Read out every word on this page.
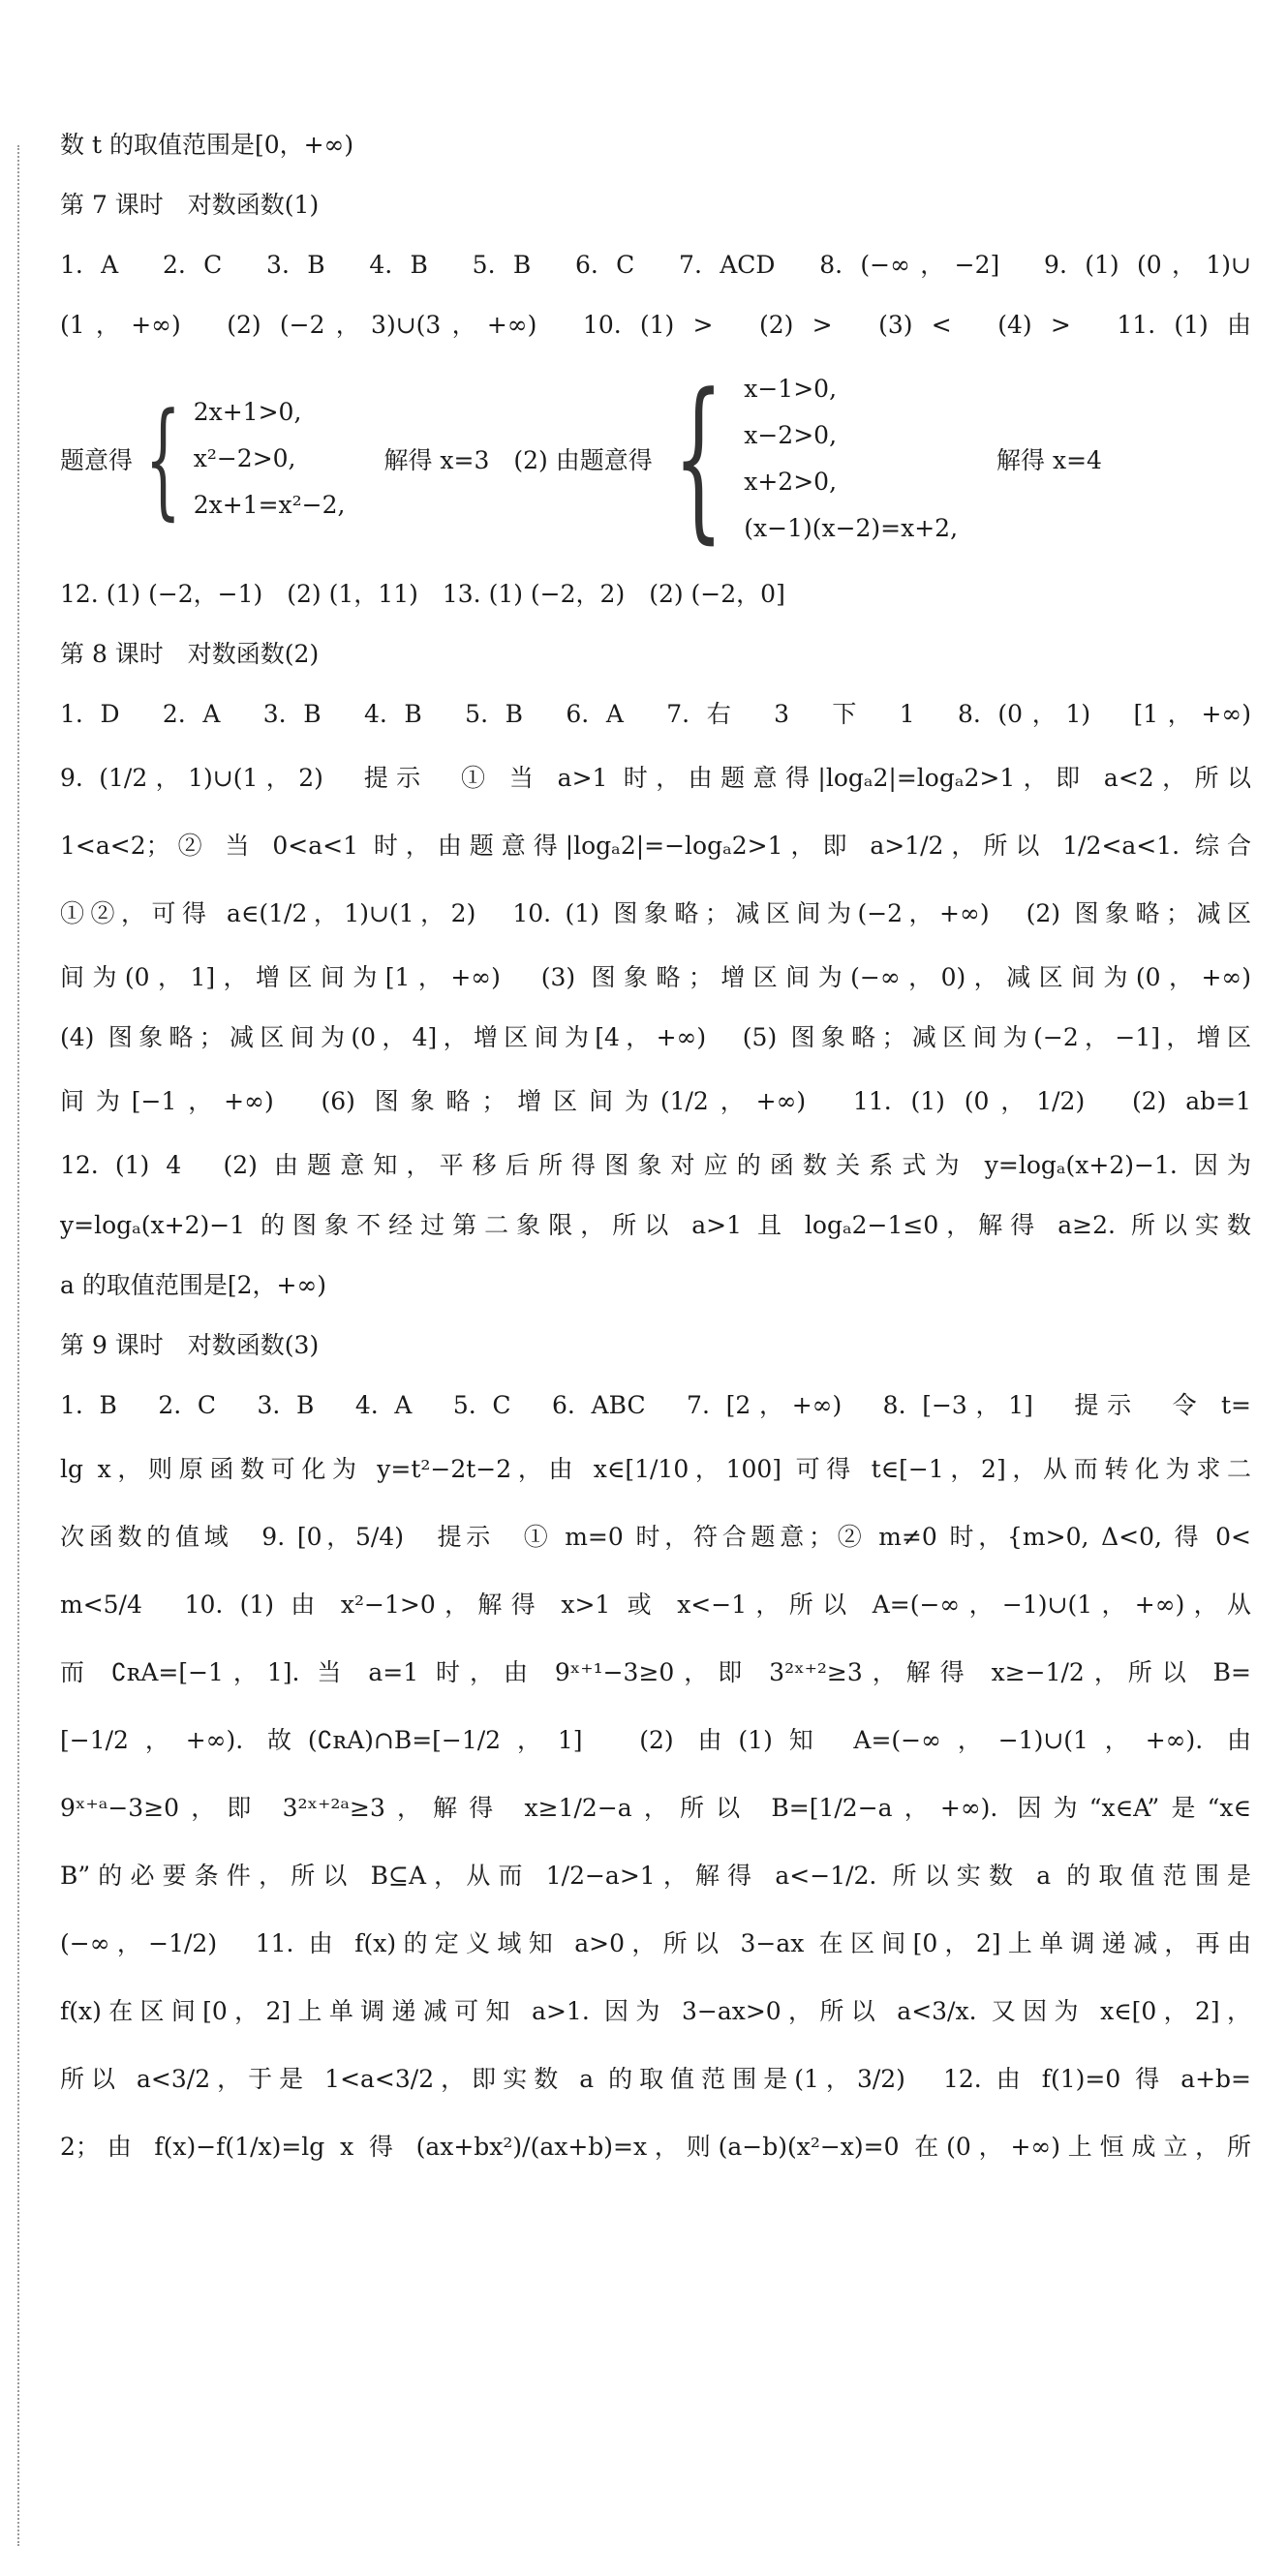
数 t 的取值范围是[0，+∞)
第 7 课时　对数函数(1)
1. A　2. C　3. B　4. B　5. B　6. C　7. ACD　8. (−∞，−2]　9. (1) (0，1)∪
(1，+∞)　(2) (−2，3)∪(3，+∞)　10. (1) >　(2) >　(3) <　(4) >　11. (1) 由
题意得 { 2x+1>0,
x²−2>0,
2x+1=x²−2,
解得 x=3　(2) 由题意得 { x−1>0,
x−2>0,
x+2>0,
(x−1)(x−2)=x+2,
解得 x=4
12. (1) (−2，−1)　(2) (1，11)　13. (1) (−2，2)　(2) (−2，0]
第 8 课时　对数函数(2)
1. D　2. A　3. B　4. B　5. B　6. A　7. 右　3　下　1　8. (0，1)　[1，+∞)
9. (1/2，1)∪(1，2)　提示　① 当 a>1 时，由题意得|logₐ2|=logₐ2>1，即 a<2，所以
1<a<2；② 当 0<a<1 时，由题意得|logₐ2|=−logₐ2>1，即 a>1/2，所以 1/2<a<1. 综合
①②，可得 a∈(1/2，1)∪(1，2)　10. (1) 图象略；减区间为(−2，+∞)　(2) 图象略；减区
间为(0，1]，增区间为[1，+∞)　(3) 图象略；增区间为(−∞，0)，减区间为(0，+∞)
(4) 图象略；减区间为(0，4]，增区间为[4，+∞)　(5) 图象略；减区间为(−2，−1]，增区
间为[−1，+∞)　(6) 图象略；增区间为(1/2，+∞)　11. (1) (0，1/2)　(2) ab=1
12. (1) 4　(2) 由题意知，平移后所得图象对应的函数关系式为 y=logₐ(x+2)−1. 因为
y=logₐ(x+2)−1 的图象不经过第二象限，所以 a>1 且 logₐ2−1≤0，解得 a≥2. 所以实数
a 的取值范围是[2，+∞)
第 9 课时　对数函数(3)
1. B　2. C　3. B　4. A　5. C　6. ABC　7. [2，+∞)　8. [−3，1]　提示　令 t=
lg x，则原函数可化为 y=t²−2t−2，由 x∈[1/10，100] 可得 t∈[−1，2]，从而转化为求二
次函数的值域　9. [0，5/4)　提示　① m=0 时，符合题意；② m≠0 时，{m>0, Δ<0, 得 0<
m<5/4　10. (1) 由 x²−1>0，解得 x>1 或 x<−1，所以 A=(−∞，−1)∪(1，+∞)，从
而 ∁ʀA=[−1，1]. 当 a=1 时，由 9ˣ⁺¹−3≥0，即 3²ˣ⁺²≥3，解得 x≥−1/2，所以 B=
[−1/2，+∞). 故(∁ʀA)∩B=[−1/2，1]　(2) 由(1)知 A=(−∞，−1)∪(1，+∞). 由
9ˣ⁺ᵃ−3≥0，即 3²ˣ⁺²ᵃ≥3，解得 x≥1/2−a，所以 B=[1/2−a，+∞). 因为“x∈A”是“x∈
B”的必要条件，所以 B⊆A，从而 1/2−a>1，解得 a<−1/2. 所以实数 a 的取值范围是
(−∞，−1/2)　11. 由 f(x)的定义域知 a>0，所以 3−ax 在区间[0，2]上单调递减，再由
f(x)在区间[0，2]上单调递减可知 a>1. 因为 3−ax>0，所以 a<3/x. 又因为 x∈[0，2]，
所以 a<3/2，于是 1<a<3/2，即实数 a 的取值范围是(1，3/2)　12. 由 f(1)=0 得 a+b=
2；由 f(x)−f(1/x)=lg x 得 (ax+bx²)/(ax+b)=x，则(a−b)(x²−x)=0 在(0，+∞)上恒成立，所
